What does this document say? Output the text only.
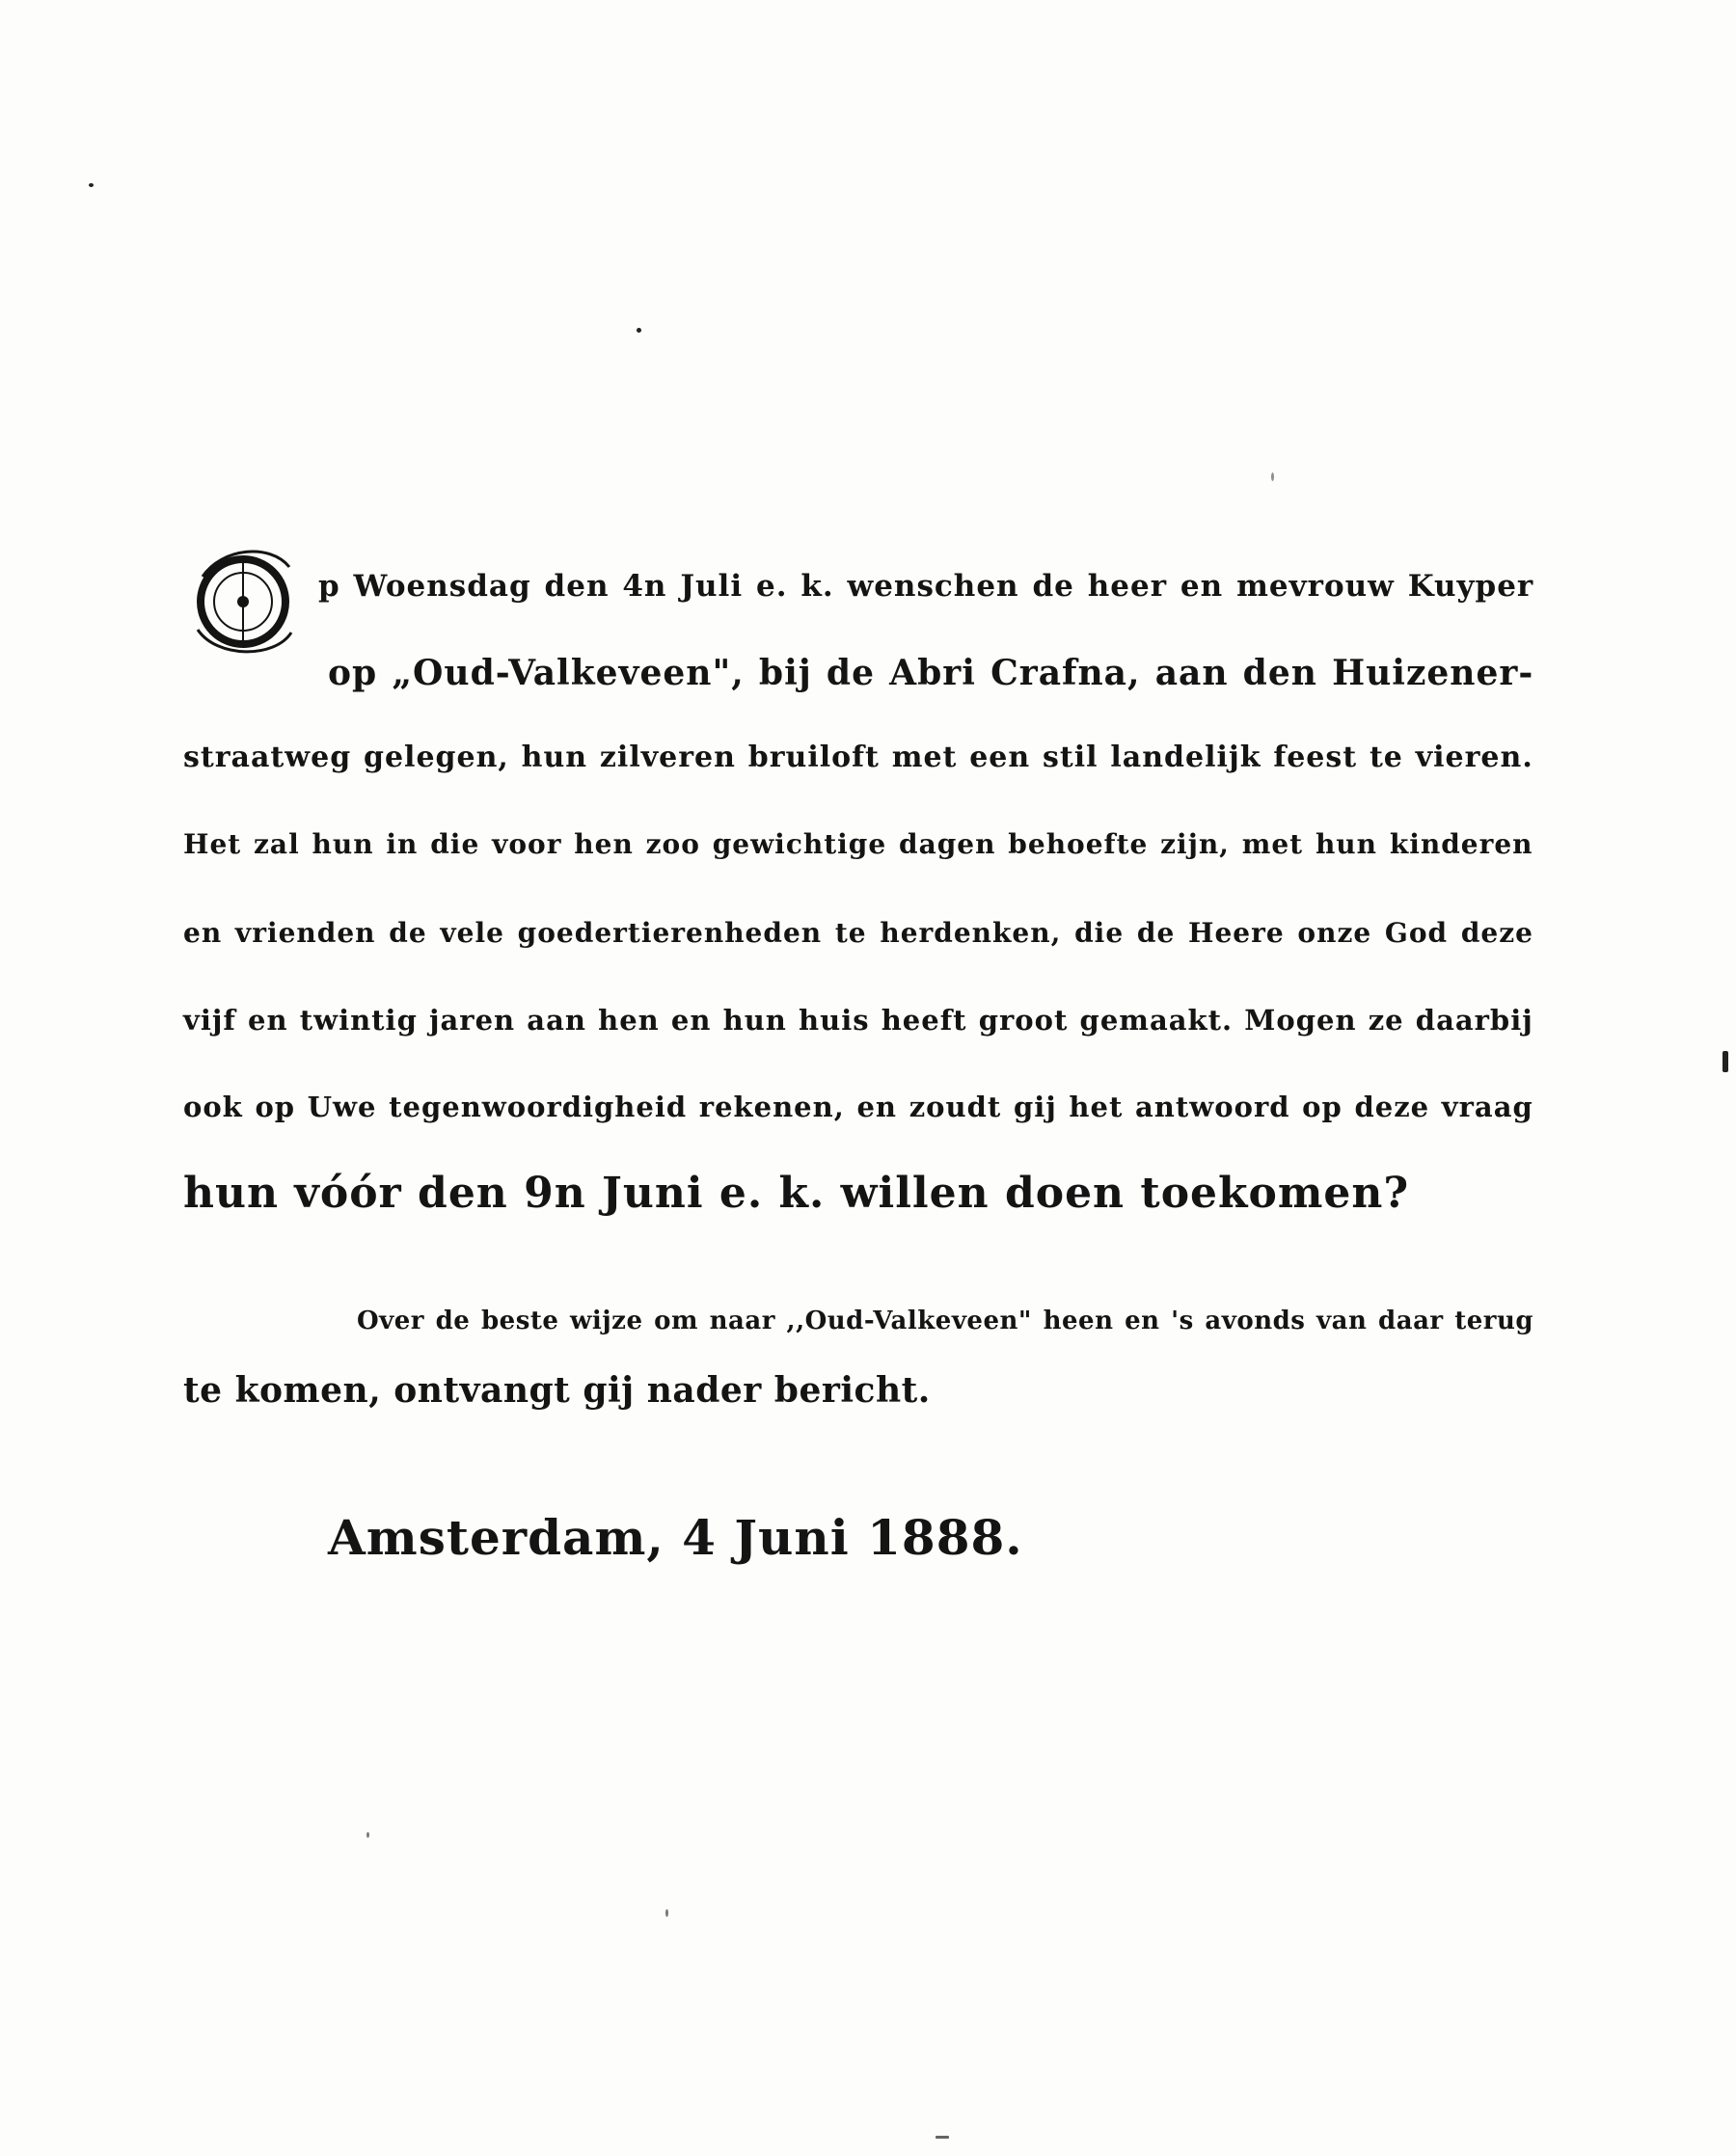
p Woensdag den 4n Juli e. k. wenschen de heer en mevrouw Kuyper
op „Oud-Valkeveen", bij de Abri Crafna, aan den Huizener-
straatweg gelegen, hun zilveren bruiloft met een stil landelijk feest te vieren.
Het zal hun in die voor hen zoo gewichtige dagen behoefte zijn, met hun kinderen
en vrienden de vele goedertierenheden te herdenken, die de Heere onze God deze
vijf en twintig jaren aan hen en hun huis heeft groot gemaakt. Mogen ze daarbij
ook op Uwe tegenwoordigheid rekenen, en zoudt gij het antwoord op deze vraag
hun vóór den 9n Juni e. k. willen doen toekomen?
Over de beste wijze om naar ,,Oud-Valkeveen" heen en 's avonds van daar terug
te komen, ontvangt gij nader bericht.
Amsterdam, 4 Juni 1888.
